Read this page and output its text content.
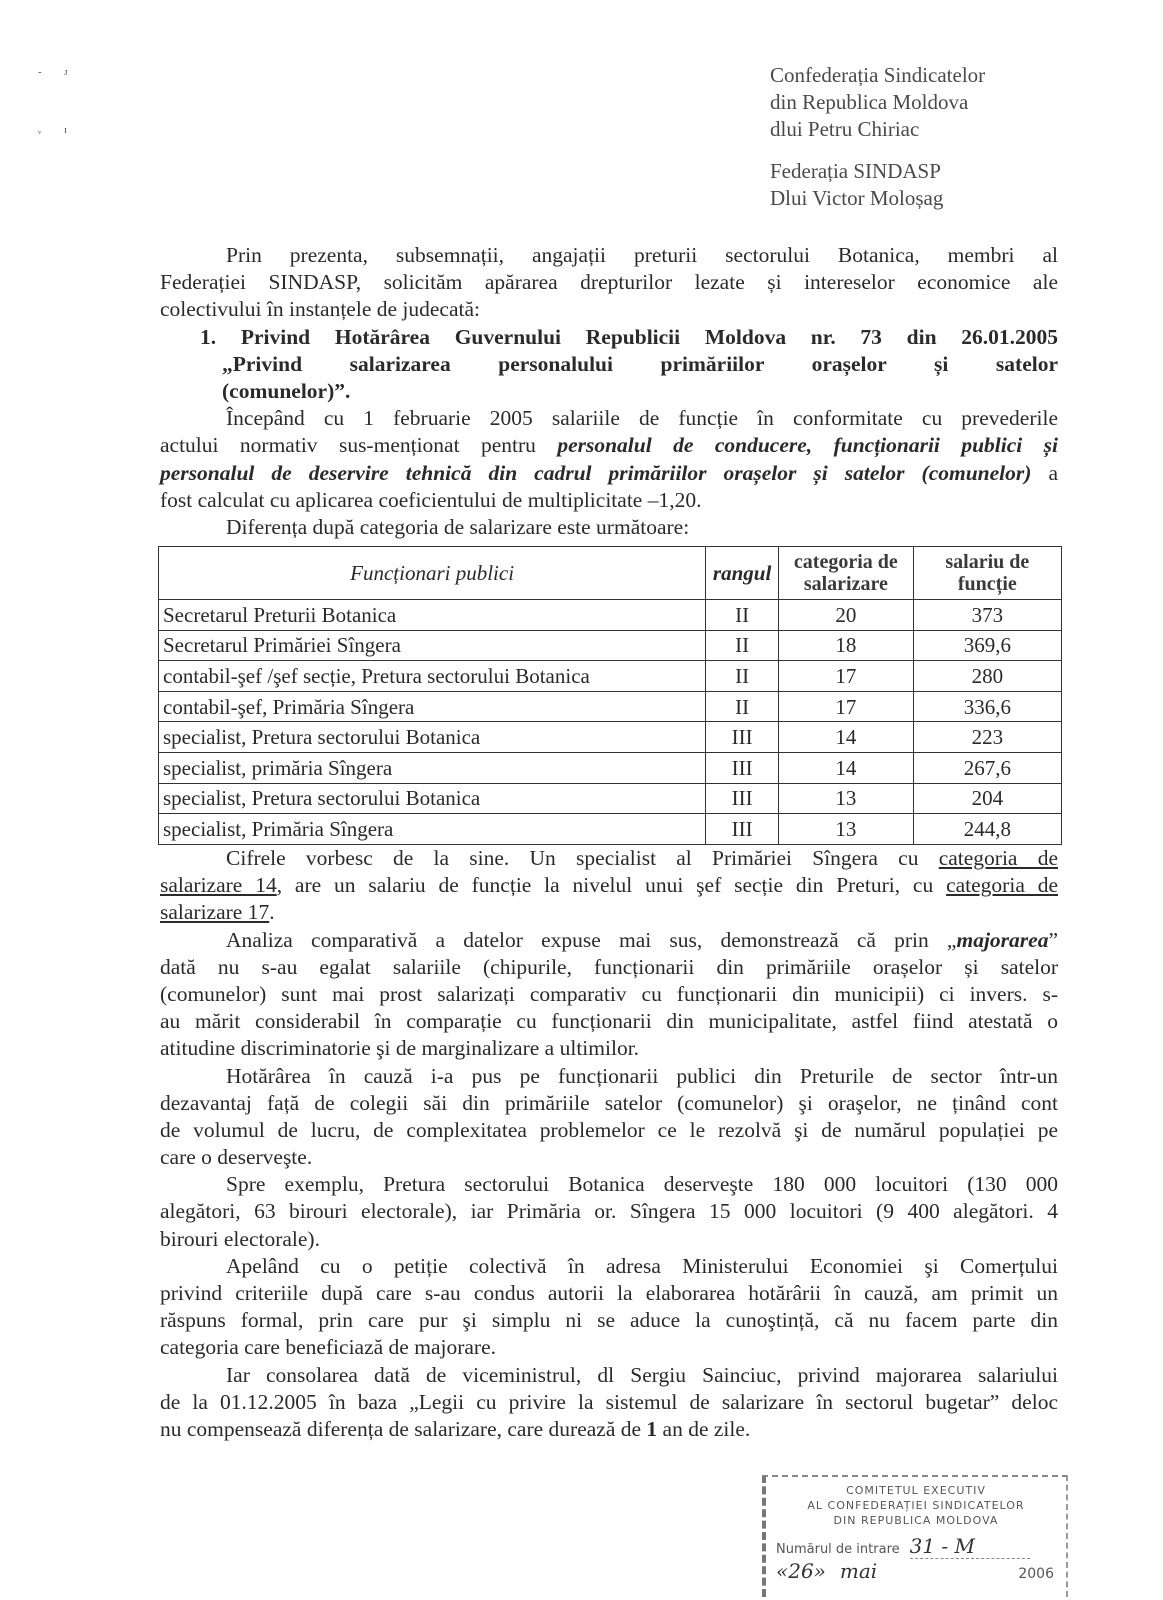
- ᴊ
ᵥ ɪ
Confederația Sindicatelor
din Republica Moldova
dlui Petru Chiriac
Federația SINDASP
Dlui Victor Moloșag
Prin prezenta, subsemnații, angajații preturii sectorului Botanica, membri al
Federației SINDASP, solicităm apărarea drepturilor lezate și intereselor economice ale
colectivului în instanțele de judecată:
1. Privind Hotărârea Guvernului Republicii Moldova nr. 73 din 26.01.2005
„Privind salarizarea personalului primăriilor orașelor și satelor
(comunelor)”.
Începând cu 1 februarie 2005 salariile de funcție în conformitate cu prevederile
actului normativ sus-menționat pentru personalul de conducere, funcționarii publici și
personalul de deservire tehnică din cadrul primăriilor orașelor și satelor (comunelor) a
fost calculat cu aplicarea coeficientului de multiplicitate –1,20.
Diferența după categoria de salarizare este următoare:
Funcționari publici	rangul	categoria de salarizare	salariu de funcție
Secretarul Preturii Botanica	II	20	373
Secretarul Primăriei Sîngera	II	18	369,6
contabil-şef /şef secție, Pretura sectorului Botanica	II	17	280
contabil-şef, Primăria Sîngera	II	17	336,6
specialist, Pretura sectorului Botanica	III	14	223
specialist, primăria Sîngera	III	14	267,6
specialist, Pretura sectorului Botanica	III	13	204
specialist, Primăria Sîngera	III	13	244,8
Cifrele vorbesc de la sine. Un specialist al Primăriei Sîngera cu categoria de
salarizare 14, are un salariu de funcție la nivelul unui şef secție din Preturi, cu categoria de
salarizare 17.
Analiza comparativă a datelor expuse mai sus, demonstrează că prin „majorarea”
dată nu s-au egalat salariile (chipurile, funcționarii din primăriile orașelor și satelor
(comunelor) sunt mai prost salarizați comparativ cu funcționarii din municipii) ci invers. s-
au mărit considerabil în comparație cu funcționarii din municipalitate, astfel fiind atestată o
atitudine discriminatorie şi de marginalizare a ultimilor.
Hotărârea în cauză i-a pus pe funcționarii publici din Preturile de sector într-un
dezavantaj față de colegii săi din primăriile satelor (comunelor) şi oraşelor, ne ținând cont
de volumul de lucru, de complexitatea problemelor ce le rezolvă şi de numărul populației pe
care o deserveşte.
Spre exemplu, Pretura sectorului Botanica deserveşte 180 000 locuitori (130 000
alegători, 63 birouri electorale), iar Primăria or. Sîngera 15 000 locuitori (9 400 alegători. 4
birouri electorale).
Apelând cu o petiție colectivă în adresa Ministerului Economiei şi Comerțului
privind criteriile după care s-au condus autorii la elaborarea hotărârii în cauză, am primit un
răspuns formal, prin care pur şi simplu ni se aduce la cunoştință, că nu facem parte din
categoria care beneficiază de majorare.
Iar consolarea dată de viceministrul, dl Sergiu Sainciuc, privind majorarea salariului
de la 01.12.2005 în baza „Legii cu privire la sistemul de salarizare în sectorul bugetar” deloc
nu compensează diferența de salarizare, care durează de 1 an de zile.
COMITETUL EXECUTIV
AL CONFEDERAȚIEI SINDICATELOR
DIN REPUBLICA MOLDOVA
Numărul de intrare 31 - M
«26» mai	2006
